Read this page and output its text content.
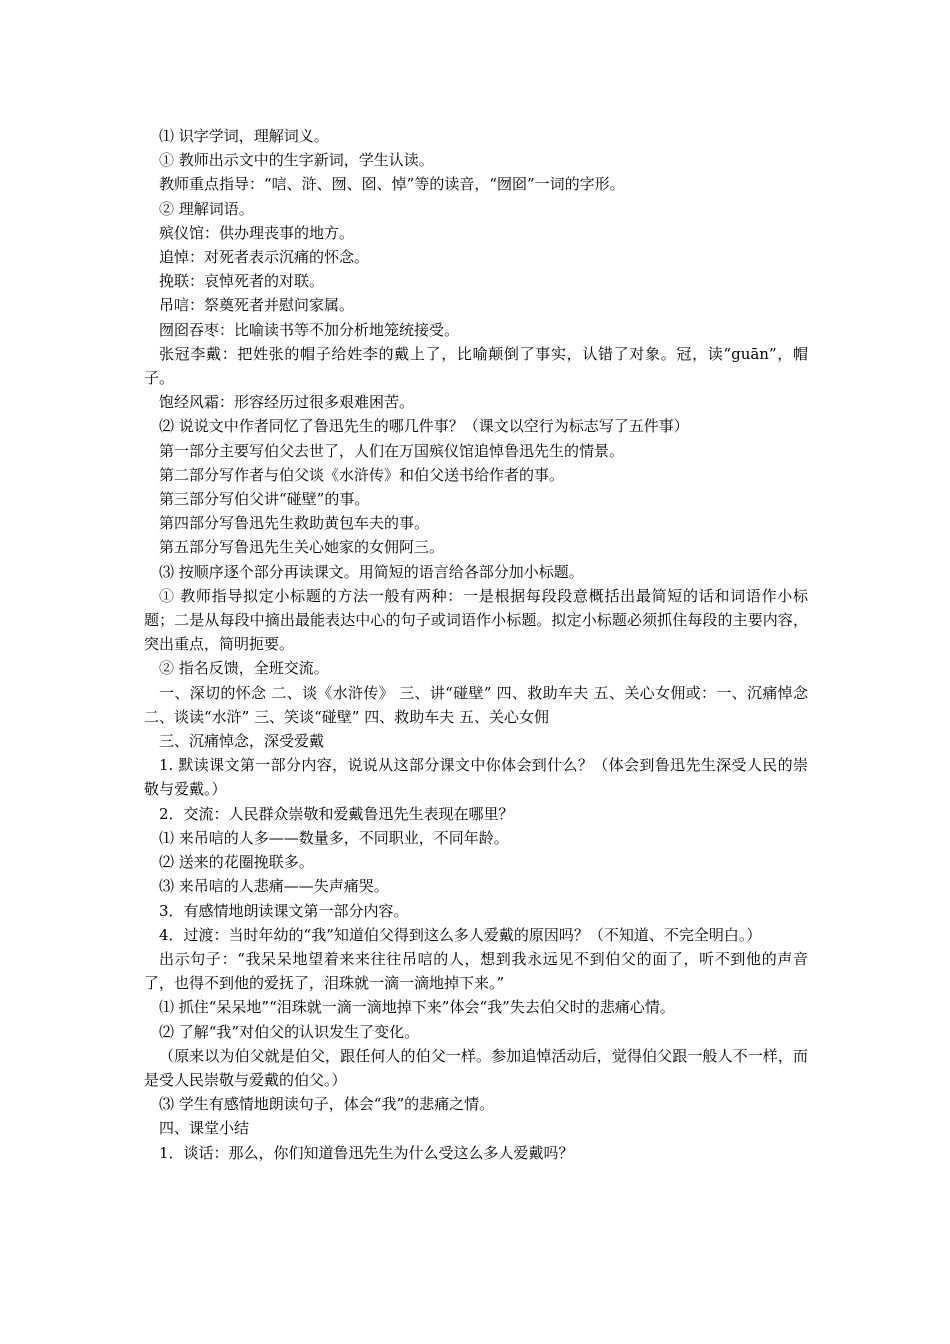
⑴ 识字学词，理解词义。

① 教师出示文中的生字新词，学生认读。

教师重点指导：“唁、浒、囫、囵、悼”等的读音，“囫囵”一词的字形。

② 理解词语。

殡仪馆：供办理丧事的地方。

追悼：对死者表示沉痛的怀念。

挽联：哀悼死者的对联。

吊唁：祭奠死者并慰问家属。

囫囵吞枣：比喻读书等不加分析地笼统接受。

张冠李戴：把姓张的帽子给姓李的戴上了，比喻颠倒了事实，认错了对象。冠，读“guān”，帽子。

饱经风霜：形容经历过很多艰难困苦。

⑵ 说说文中作者同忆了鲁迅先生的哪几件事？（课文以空行为标志写了五件事）

第一部分主要写伯父去世了，人们在万国殡仪馆追悼鲁迅先生的情景。

第二部分写作者与伯父谈《水浒传》和伯父送书给作者的事。

第三部分写伯父讲“碰壁”的事。

第四部分写鲁迅先生救助黄包车夫的事。

第五部分写鲁迅先生关心她家的女佣阿三。

⑶ 按顺序逐个部分再读课文。用简短的语言给各部分加小标题。

① 教师指导拟定小标题的方法一般有两种：一是根据每段段意概括出最简短的话和词语作小标题；二是从每段中摘出最能表达中心的句子或词语作小标题。拟定小标题必须抓住每段的主要内容，突出重点，简明扼要。

② 指名反馈，全班交流。

一、深切的怀念 二、谈《水浒传》 三、讲“碰壁” 四、救助车夫 五、关心女佣或：一、沉痛悼念 二、谈读“水浒” 三、笑谈“碰壁” 四、救助车夫 五、关心女佣

三、沉痛悼念，深受爱戴

1. 默读课文第一部分内容，说说从这部分课文中你体会到什么？（体会到鲁迅先生深受人民的崇敬与爱戴。）

2．交流：人民群众崇敬和爱戴鲁迅先生表现在哪里？

⑴ 来吊唁的人多——数量多，不同职业，不同年龄。

⑵ 送来的花圈挽联多。

⑶ 来吊唁的人悲痛——失声痛哭。

3．有感情地朗读课文第一部分内容。

4．过渡：当时年幼的“我”知道伯父得到这么多人爱戴的原因吗？（不知道、不完全明白。）

出示句子：“我呆呆地望着来来往往吊唁的人，想到我永远见不到伯父的面了，听不到他的声音了，也得不到他的爱抚了，泪珠就一滴一滴地掉下来。”

⑴ 抓住“呆呆地”“泪珠就一滴一滴地掉下来”体会“我”失去伯父时的悲痛心情。

⑵ 了解“我”对伯父的认识发生了变化。

（原来以为伯父就是伯父，跟任何人的伯父一样。参加追悼活动后，觉得伯父跟一般人不一样，而是受人民崇敬与爱戴的伯父。）

⑶ 学生有感情地朗读句子，体会“我”的悲痛之情。

四、课堂小结

1．谈话：那么，你们知道鲁迅先生为什么受这么多人爱戴吗？
